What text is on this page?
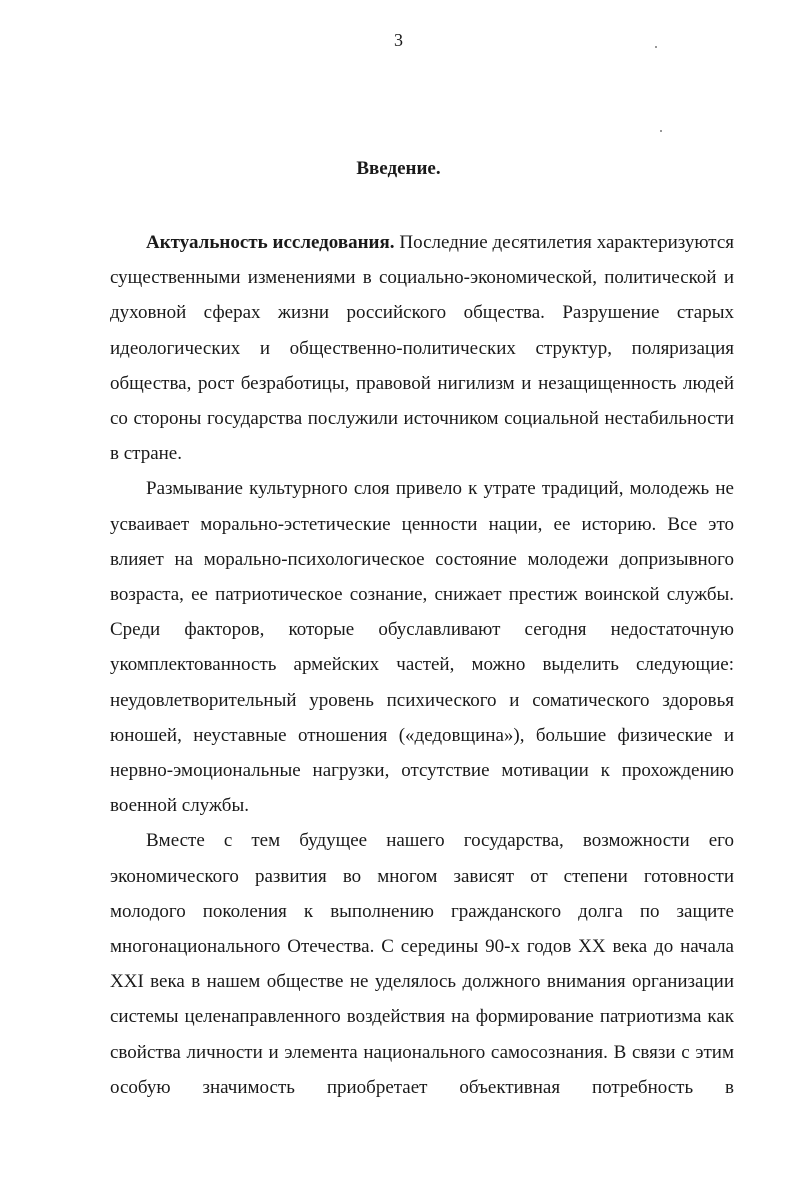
3
Введение.

Актуальность исследования. Последние десятилетия характеризуются существенными изменениями в социально-экономической, политической и духовной сферах жизни российского общества. Разрушение старых идеологических и общественно-политических структур, поляризация общества, рост безработицы, правовой нигилизм и незащищенность людей со стороны государства послужили источником социальной нестабильности в стране.

Размывание культурного слоя привело к утрате традиций, молодежь не усваивает морально-эстетические ценности нации, ее историю. Все это влияет на морально-психологическое состояние молодежи допризывного возраста, ее патриотическое сознание, снижает престиж воинской службы. Среди факторов, которые обуславливают сегодня недостаточную укомплектованность армейских частей, можно выделить следующие: неудовлетворительный уровень психического и соматического здоровья юношей, неуставные отношения («дедовщина»), большие физические и нервно-эмоциональные нагрузки, отсутствие мотивации к прохождению военной службы.

Вместе с тем будущее нашего государства, возможности его экономического развития во многом зависят от степени готовности молодого поколения к выполнению гражданского долга по защите многонационального Отечества. С середины 90-х годов XX века до начала XXI века в нашем обществе не уделялось должного внимания организации системы целенаправленного воздействия на формирование патриотизма как свойства личности и элемента национального самосознания. В связи с этим особую значимость приобретает объективная потребность в
